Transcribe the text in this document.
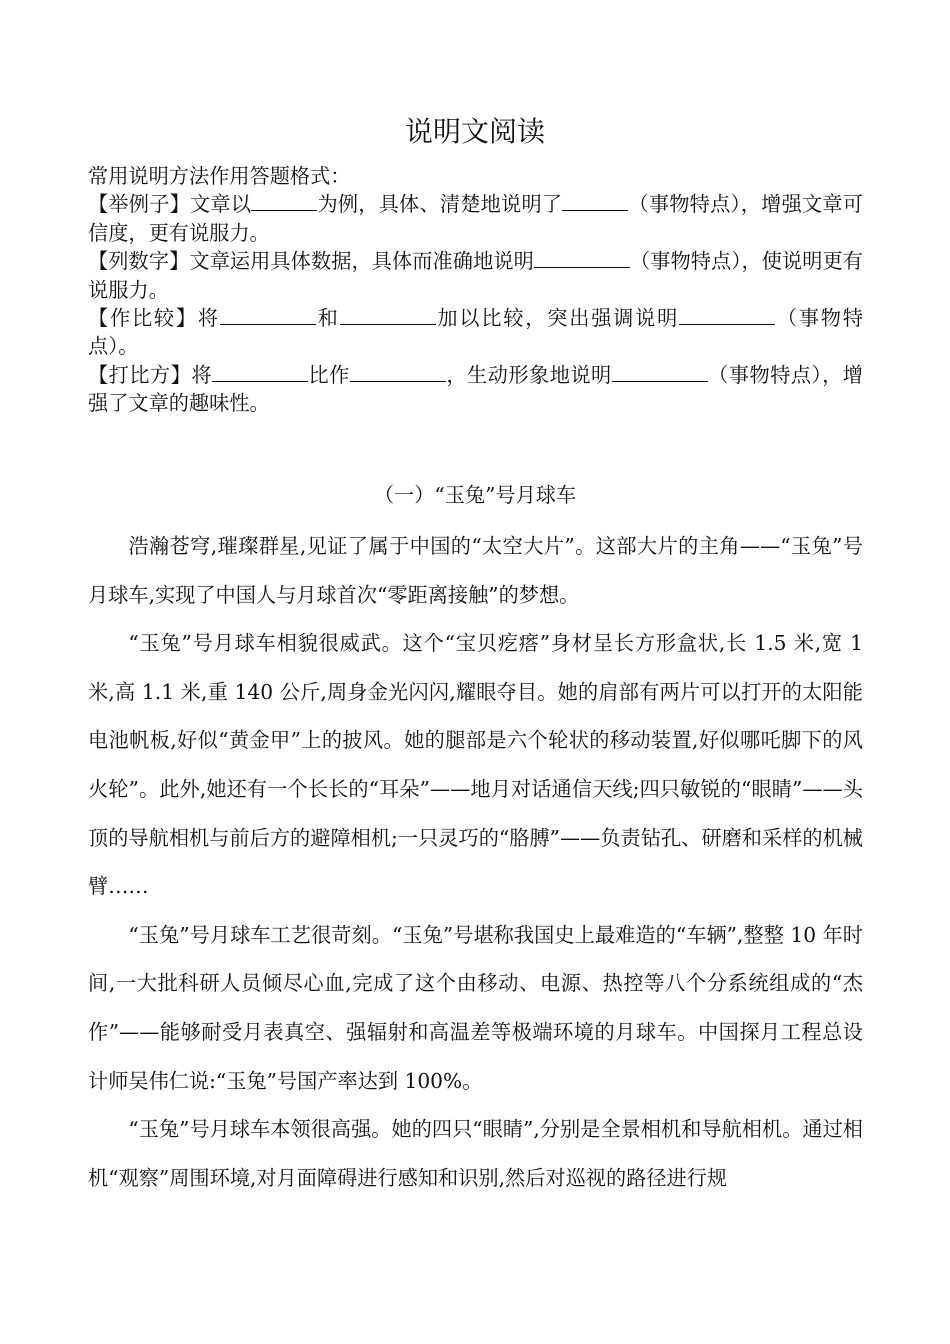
说明文阅读

常用说明方法作用答题格式：

【举例子】文章以	为例，具体、清楚地说明了	（事物特点），增强文章可信度，更有说服力。

【列数字】文章运用具体数据，具体而准确地说明	（事物特点），使说明更有说服力。

【作比较】将	和	加以比较，突出强调说明	（事物特点）。

【打比方】将	比作	，生动形象地说明	（事物特点），增强了文章的趣味性。

（一）“玉兔”号月球车

浩瀚苍穹,璀璨群星,见证了属于中国的“太空大片”。这部大片的主角——“玉兔”号月球车,实现了中国人与月球首次“零距离接触”的梦想。

“玉兔”号月球车相貌很威武。这个“宝贝疙瘩”身材呈长方形盒状,长 1.5 米,宽 1 米,高 1.1 米,重 140 公斤,周身金光闪闪,耀眼夺目。她的肩部有两片可以打开的太阳能电池帆板,好似“黄金甲”上的披风。她的腿部是六个轮状的移动装置,好似哪吒脚下的风火轮”。此外,她还有一个长长的“耳朵”——地月对话通信天线;四只敏锐的“眼睛”——头顶的导航相机与前后方的避障相机;一只灵巧的“胳膊”——负责钻孔、研磨和采样的机械臂……

“玉兔”号月球车工艺很苛刻。“玉兔”号堪称我国史上最难造的“车辆”,整整 10 年时间,一大批科研人员倾尽心血,完成了这个由移动、电源、热控等八个分系统组成的“杰作”——能够耐受月表真空、强辐射和高温差等极端环境的月球车。中国探月工程总设计师吴伟仁说:“玉兔”号国产率达到 100%。

“玉兔”号月球车本领很高强。她的四只“眼睛”,分别是全景相机和导航相机。通过相机“观察”周围环境,对月面障碍进行感知和识别,然后对巡视的路径进行规
